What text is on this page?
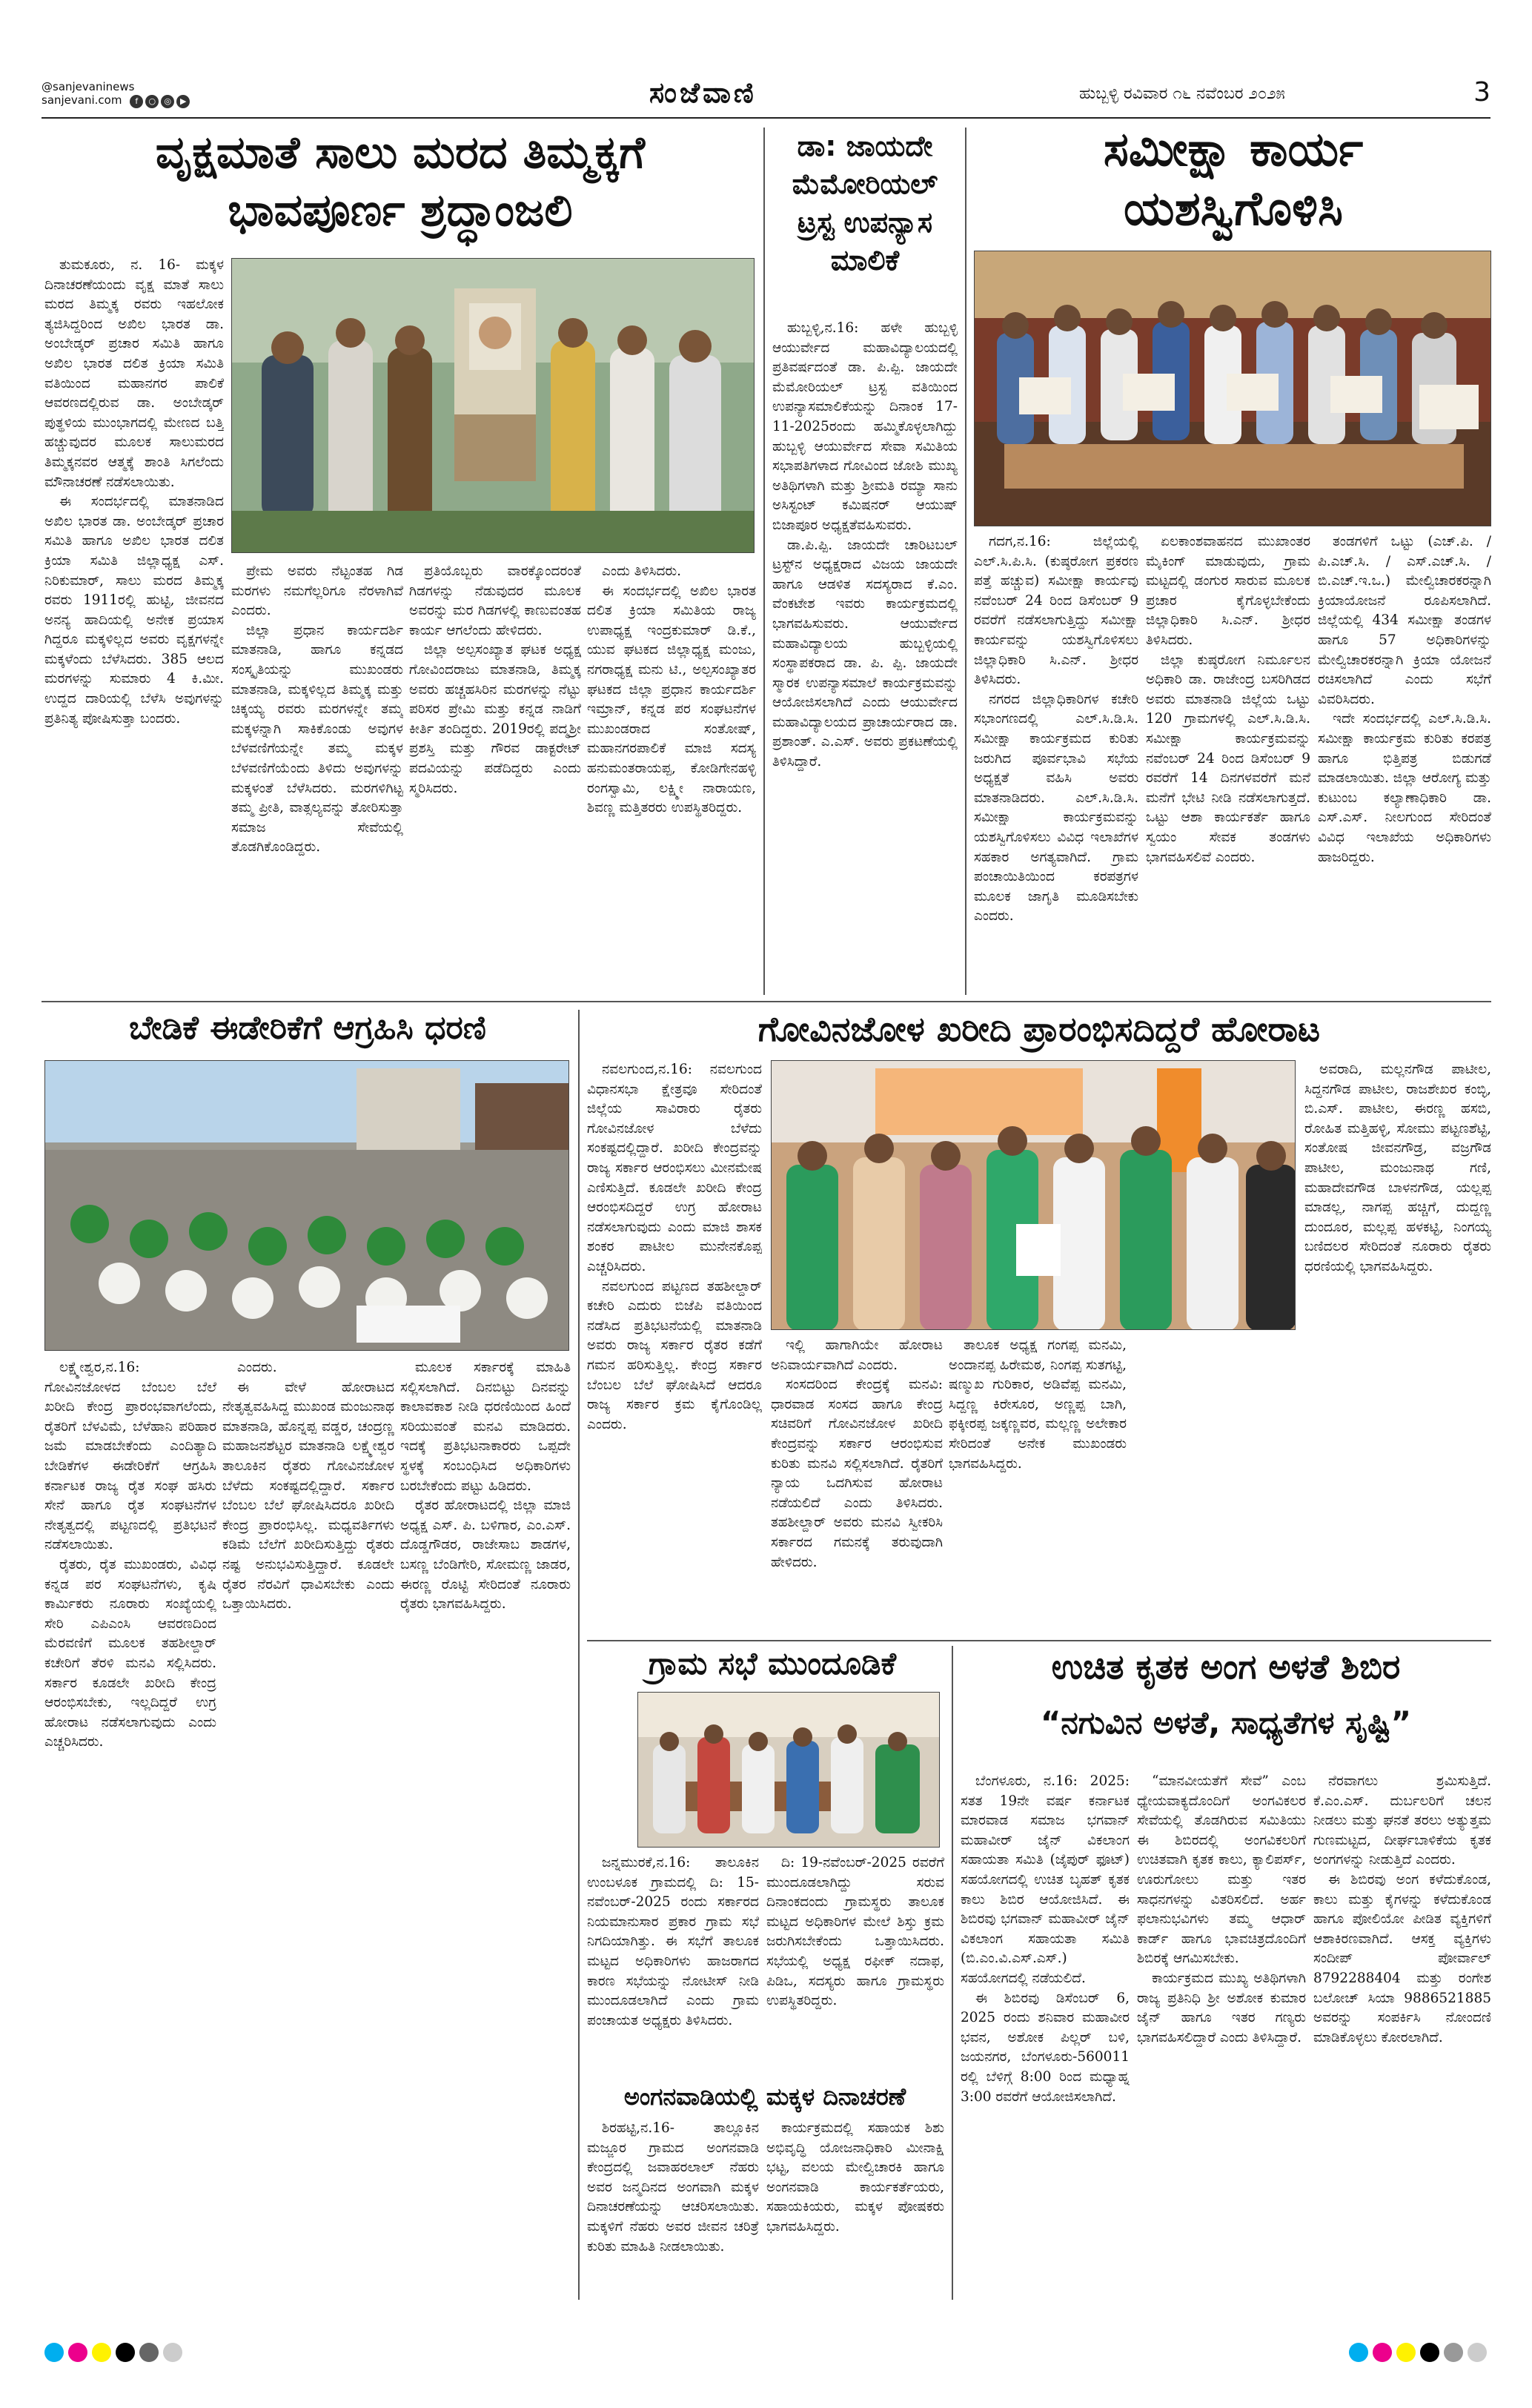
@sanjevaninews
sanjevani.com f ○ ◎ ▶	ಸಂಜೆವಾಣಿ	ಹುಬ್ಬಳ್ಳಿ ರವಿವಾರ ೧೬ ನವೆಂಬರ ೨೦೨೫	3
ವೃಕ್ಷಮಾತೆ ಸಾಲು ಮರದ ತಿಮ್ಮಕ್ಕಗೆ
ಭಾವಪೂರ್ಣ ಶ್ರದ್ಧಾಂಜಲಿ

ತುಮಕೂರು, ನ. 16- ಮಕ್ಕಳ ದಿನಾಚರಣೆಯಂದು ವೃಕ್ಷ ಮಾತೆ ಸಾಲು ಮರದ ತಿಮ್ಮಕ್ಕ ರವರು ಇಹಲೋಕ ತ್ಯಜಿಸಿದ್ದರಿಂದ ಅಖಿಲ ಭಾರತ ಡಾ. ಅಂಬೇಡ್ಕರ್ ಪ್ರಚಾರ ಸಮಿತಿ ಹಾಗೂ ಅಖಿಲ ಭಾರತ ದಲಿತ ಕ್ರಿಯಾ ಸಮಿತಿ ವತಿಯಿಂದ ಮಹಾನಗರ ಪಾಲಿಕೆ ಆವರಣದಲ್ಲಿರುವ ಡಾ. ಅಂಬೇಡ್ಕರ್ ಪುತ್ಥಳಿಯ ಮುಂಭಾಗದಲ್ಲಿ ಮೇಣದ ಬತ್ತಿ ಹಚ್ಚುವುದರ ಮೂಲಕ ಸಾಲುಮರದ ತಿಮ್ಮಕ್ಕನವರ ಆತ್ಮಕ್ಕೆ ಶಾಂತಿ ಸಿಗಲೆಂದು ಮೌನಾಚರಣೆ ನಡೆಸಲಾಯಿತು.

ಈ ಸಂದರ್ಭದಲ್ಲಿ ಮಾತನಾಡಿದ ಅಖಿಲ ಭಾರತ ಡಾ. ಅಂಬೇಡ್ಕರ್ ಪ್ರಚಾರ ಸಮಿತಿ ಹಾಗೂ ಅಖಿಲ ಭಾರತ ದಲಿತ ಕ್ರಿಯಾ ಸಮಿತಿ ಜಿಲ್ಲಾಧ್ಯಕ್ಷ ಎಸ್. ನಿರಿಕುಮಾರ್, ಸಾಲು ಮರದ ತಿಮ್ಮಕ್ಕ ರವರು 1911ರಲ್ಲಿ ಹುಟ್ಟಿ, ಜೀವನದ ಅನನ್ಯ ಹಾದಿಯಲ್ಲಿ ಅನೇಕ ಪ್ರಯಾಸ ಗಿದ್ದರೂ ಮಕ್ಕಳಿಲ್ಲದ ಅವರು ವೃಕ್ಷಗಳನ್ನೇ ಮಕ್ಕಳೆಂದು ಬೆಳೆಸಿದರು. 385 ಆಲದ ಮರಗಳನ್ನು ಸುಮಾರು 4 ಕಿ.ಮೀ. ಉದ್ದದ ದಾರಿಯಲ್ಲಿ ಬೆಳೆಸಿ ಅವುಗಳನ್ನು ಪ್ರತಿನಿತ್ಯ ಪೋಷಿಸುತ್ತಾ ಬಂದರು.

ಪ್ರೇಮ ಅವರು ನೆಟ್ಟಂತಹ ಗಿಡ ಮರಗಳು ನಮಗೆಲ್ಲರಿಗೂ ನೆರಳಾಗಿವೆ ಎಂದರು.

ಜಿಲ್ಲಾ ಪ್ರಧಾನ ಕಾರ್ಯದರ್ಶಿ ಮಾತನಾಡಿ, ಹಾಗೂ ಕನ್ನಡದ ಸಂಸ್ಕೃತಿಯನ್ನು ಮುಖಂಡರು ಮಾತನಾಡಿ, ಮಕ್ಕಳಿಲ್ಲದ ತಿಮ್ಮಕ್ಕ ಮತ್ತು ಚಿಕ್ಕಯ್ಯ ರವರು ಮರಗಳನ್ನೇ ತಮ್ಮ ಮಕ್ಕಳನ್ನಾಗಿ ಸಾಕಿಕೊಂಡು ಅವುಗಳ ಬೆಳವಣಿಗೆಯನ್ನೇ ತಮ್ಮ ಮಕ್ಕಳ ಬೆಳವಣಿಗೆಯೆಂದು ತಿಳಿದು ಅವುಗಳನ್ನು ಮಕ್ಕಳಂತೆ ಬೆಳೆಸಿದರು. ಮರಗಳಿಗಿಟ್ಟ ತಮ್ಮ ಪ್ರೀತಿ, ವಾತ್ಸಲ್ಯವನ್ನು ತೋರಿಸುತ್ತಾ ಸಮಾಜ ಸೇವೆಯಲ್ಲಿ ತೊಡಗಿಕೊಂಡಿದ್ದರು.

ಪ್ರತಿಯೊಬ್ಬರು ವಾರಕ್ಕೊಂದರಂತೆ ಗಿಡಗಳನ್ನು ನೆಡುವುದರ ಮೂಲಕ ಅವರನ್ನು ಮರ ಗಿಡಗಳಲ್ಲಿ ಕಾಣುವಂತಹ ಕಾರ್ಯ ಆಗಲೆಂದು ಹೇಳಿದರು.

ಜಿಲ್ಲಾ ಅಲ್ಪಸಂಖ್ಯಾತ ಘಟಕ ಅಧ್ಯಕ್ಷ ಗೋವಿಂದರಾಜು ಮಾತನಾಡಿ, ತಿಮ್ಮಕ್ಕ ಅವರು ಹಚ್ಚಹಸಿರಿನ ಮರಗಳನ್ನು ನೆಟ್ಟು ಪರಿಸರ ಪ್ರೇಮಿ ಮತ್ತು ಕನ್ನಡ ನಾಡಿಗೆ ಕೀರ್ತಿ ತಂದಿದ್ದರು. 2019ರಲ್ಲಿ ಪದ್ಮಶ್ರೀ ಪ್ರಶಸ್ತಿ ಮತ್ತು ಗೌರವ ಡಾಕ್ಟರೇಟ್ ಪದವಿಯನ್ನು ಪಡೆದಿದ್ದರು ಎಂದು ಸ್ಮರಿಸಿದರು.

ಎಂದು ತಿಳಿಸಿದರು.

ಈ ಸಂದರ್ಭದಲ್ಲಿ ಅಖಿಲ ಭಾರತ ದಲಿತ ಕ್ರಿಯಾ ಸಮಿತಿಯ ರಾಜ್ಯ ಉಪಾಧ್ಯಕ್ಷ ಇಂದ್ರಕುಮಾರ್ ಡಿ.ಕೆ., ಯುವ ಘಟಕದ ಜಿಲ್ಲಾಧ್ಯಕ್ಷ ಮಂಜು, ನಗರಾಧ್ಯಕ್ಷ ಮನು ಟಿ., ಅಲ್ಪಸಂಖ್ಯಾತರ ಘಟಕದ ಜಿಲ್ಲಾ ಪ್ರಧಾನ ಕಾರ್ಯದರ್ಶಿ ಇಮ್ರಾನ್, ಕನ್ನಡ ಪರ ಸಂಘಟನೆಗಳ ಮುಖಂಡರಾದ ಸಂತೋಷ್, ಮಹಾನಗರಪಾಲಿಕೆ ಮಾಜಿ ಸದಸ್ಯ ಹನುಮಂತರಾಯಪ್ಪ, ಕೋಡಿಗೇನಹಳ್ಳಿ ರಂಗಸ್ವಾಮಿ, ಲಕ್ಷ್ಮೀ ನಾರಾಯಣ, ಶಿವಣ್ಣ ಮತ್ತಿತರರು ಉಪಸ್ಥಿತರಿದ್ದರು.

ಡಾ: ಜಾಯದೇ ಮೆಮೋರಿಯಲ್ ಟ್ರಸ್ಟ ಉಪನ್ಯಾಸ ಮಾಲಿಕೆ

ಹುಬ್ಬಳ್ಳಿ,ನ.16: ಹಳೇ ಹುಬ್ಬಳ್ಳಿ ಆಯುರ್ವೇದ ಮಹಾವಿದ್ಯಾಲಯದಲ್ಲಿ ಪ್ರತಿವರ್ಷದಂತೆ ಡಾ. ಪಿ.ಪ್ಪಿ. ಜಾಯದೇ ಮೆಮೋರಿಯಲ್ ಟ್ರಸ್ಟ ವತಿಯಿಂದ ಉಪನ್ಯಾಸಮಾಲಿಕೆಯನ್ನು ದಿನಾಂಕ 17-11-2025ರಂದು ಹಮ್ಮಿಕೊಳ್ಳಲಾಗಿದ್ದು ಹುಬ್ಬಳ್ಳಿ ಆಯುರ್ವೇದ ಸೇವಾ ಸಮಿತಿಯ ಸಭಾಪತಿಗಳಾದ ಗೋವಿಂದ ಜೋಶಿ ಮುಖ್ಯ ಅತಿಥಿಗಳಾಗಿ ಮತ್ತು ಶ್ರೀಮತಿ ರಮ್ಯಾ ಸಾನು ಅಸಿಸ್ಟಂಟ್ ಕಮಿಷನರ್ ಆಯುಷ್ ಬಿಜಾಪೂರ ಅಧ್ಯಕ್ಷತೆವಹಿಸುವರು.

ಡಾ.ಪಿ.ಪ್ಪಿ. ಜಾಯದೇ ಚಾರಿಟಬಲ್ ಟ್ರಸ್ಟ್‌ನ ಅಧ್ಯಕ್ಷರಾದ ವಿಜಯ ಜಾಯದೇ ಹಾಗೂ ಆಡಳಿತ ಸದಸ್ಯರಾದ ಕೆ.ಎಂ. ವೆಂಕಟೇಶ ಇವರು ಕಾರ್ಯಕ್ರಮದಲ್ಲಿ ಭಾಗವಹಿಸುವರು. ಆಯುರ್ವೇದ ಮಹಾವಿದ್ಯಾಲಯ ಹುಬ್ಬಳ್ಳಿಯಲ್ಲಿ ಸಂಸ್ಥಾಪಕರಾದ ಡಾ. ಪಿ. ಪ್ಪಿ. ಜಾಯದೇ ಸ್ಮಾರಕ ಉಪನ್ಯಾಸಮಾಲೆ ಕಾರ್ಯಕ್ರಮವನ್ನು ಆಯೋಜಿಸಲಾಗಿದೆ ಎಂದು ಆಯುರ್ವೇದ ಮಹಾವಿದ್ಯಾಲಯದ ಪ್ರಾಚಾರ್ಯರಾದ ಡಾ. ಪ್ರಶಾಂತ್. ಎ.ಎಸ್. ಅವರು ಪ್ರಕಟಣೆಯಲ್ಲಿ ತಿಳಿಸಿದ್ದಾರೆ.

ಸಮೀಕ್ಷಾ ಕಾರ್ಯ
ಯಶಸ್ವಿಗೊಳಿಸಿ

ಗದಗ,ನ.16: ಜಿಲ್ಲೆಯಲ್ಲಿ ಎಲ್.ಸಿ.ಪಿ.ಸಿ. (ಕುಷ್ಠರೋಗ ಪ್ರಕರಣ ಪತ್ತೆ ಹಚ್ಚುವ) ಸಮೀಕ್ಷಾ ಕಾರ್ಯವು ನವೆಂಬರ್ 24 ರಿಂದ ಡಿಸೆಂಬರ್ 9 ರವರೆಗೆ ನಡೆಸಲಾಗುತ್ತಿದ್ದು ಸಮೀಕ್ಷಾ ಕಾರ್ಯವನ್ನು ಯಶಸ್ವಿಗೊಳಿಸಲು ಜಿಲ್ಲಾಧಿಕಾರಿ ಸಿ.ಎನ್. ಶ್ರೀಧರ ತಿಳಿಸಿದರು.

ನಗರದ ಜಿಲ್ಲಾಧಿಕಾರಿಗಳ ಕಚೇರಿ ಸಭಾಂಗಣದಲ್ಲಿ ಎಲ್.ಸಿ.ಡಿ.ಸಿ. ಸಮೀಕ್ಷಾ ಕಾರ್ಯಕ್ರಮದ ಕುರಿತು ಜರುಗಿದ ಪೂರ್ವಭಾವಿ ಸಭೆಯ ಅಧ್ಯಕ್ಷತೆ ವಹಿಸಿ ಅವರು ಮಾತನಾಡಿದರು. ಎಲ್.ಸಿ.ಡಿ.ಸಿ. ಸಮೀಕ್ಷಾ ಕಾರ್ಯಕ್ರಮವನ್ನು ಯಶಸ್ವಿಗೊಳಿಸಲು ವಿವಿಧ ಇಲಾಖೆಗಳ ಸಹಕಾರ ಅಗತ್ಯವಾಗಿದೆ. ಗ್ರಾಮ ಪಂಚಾಯಿತಿಯಿಂದ ಕರಪತ್ರಗಳ ಮೂಲಕ ಜಾಗೃತಿ ಮೂಡಿಸಬೇಕು ಎಂದರು.

ಏಲಕಾಂಶವಾಹನದ ಮುಖಾಂತರ ಮೈಕಿಂಗ್ ಮಾಡುವುದು, ಗ್ರಾಮ ಮಟ್ಟದಲ್ಲಿ ಡಂಗುರ ಸಾರುವ ಮೂಲಕ ಪ್ರಚಾರ ಕೈಗೊಳ್ಳಬೇಕೆಂದು ಜಿಲ್ಲಾಧಿಕಾರಿ ಸಿ.ಎನ್. ಶ್ರೀಧರ ತಿಳಿಸಿದರು.

ಜಿಲ್ಲಾ ಕುಷ್ಠರೋಗ ನಿರ್ಮೂಲನ ಅಧಿಕಾರಿ ಡಾ. ರಾಜೇಂದ್ರ ಬಸರಿಗಿಡದ ಅವರು ಮಾತನಾಡಿ ಜಿಲ್ಲೆಯ ಒಟ್ಟು 120 ಗ್ರಾಮಗಳಲ್ಲಿ ಎಲ್.ಸಿ.ಡಿ.ಸಿ. ಸಮೀಕ್ಷಾ ಕಾರ್ಯಕ್ರಮವನ್ನು ನವೆಂಬರ್ 24 ರಿಂದ ಡಿಸೆಂಬರ್ 9 ರವರೆಗೆ 14 ದಿನಗಳವರೆಗೆ ಮನೆ ಮನೆಗೆ ಭೇಟಿ ನೀಡಿ ನಡೆಸಲಾಗುತ್ತದೆ. ಒಟ್ಟು ಆಶಾ ಕಾರ್ಯಕರ್ತೆ ಹಾಗೂ ಸ್ವಯಂ ಸೇವಕ ತಂಡಗಳು ಭಾಗವಹಿಸಲಿವೆ ಎಂದರು.

ತಂಡಗಳಿಗೆ ಒಟ್ಟು (ಎಚ್.ಪಿ. / ಪಿ.ಎಚ್.ಸಿ. / ಎಸ್.ಎಚ್.ಸಿ. / ಬಿ.ಎಚ್.ಇ.ಒ.) ಮೇಲ್ವಿಚಾರಕರನ್ನಾಗಿ ಕ್ರಿಯಾಯೋಜನೆ ರೂಪಿಸಲಾಗಿದೆ. ಜಿಲ್ಲೆಯಲ್ಲಿ 434 ಸಮೀಕ್ಷಾ ತಂಡಗಳ ಹಾಗೂ 57 ಅಧಿಕಾರಿಗಳನ್ನು ಮೇಲ್ವಿಚಾರಕರನ್ನಾಗಿ ಕ್ರಿಯಾ ಯೋಜನೆ ರಚಿಸಲಾಗಿದೆ ಎಂದು ಸಭೆಗೆ ವಿವರಿಸಿದರು.

ಇದೇ ಸಂದರ್ಭದಲ್ಲಿ ಎಲ್.ಸಿ.ಡಿ.ಸಿ. ಸಮೀಕ್ಷಾ ಕಾರ್ಯಕ್ರಮ ಕುರಿತು ಕರಪತ್ರ ಹಾಗೂ ಭಿತ್ತಿಪತ್ರ ಬಿಡುಗಡೆ ಮಾಡಲಾಯಿತು. ಜಿಲ್ಲಾ ಆರೋಗ್ಯ ಮತ್ತು ಕುಟುಂಬ ಕಲ್ಯಾಣಾಧಿಕಾರಿ ಡಾ. ಎಸ್.ಎಸ್. ನೀಲಗುಂದ ಸೇರಿದಂತೆ ವಿವಿಧ ಇಲಾಖೆಯ ಅಧಿಕಾರಿಗಳು ಹಾಜರಿದ್ದರು.

ಬೇಡಿಕೆ ಈಡೇರಿಕೆಗೆ ಆಗ್ರಹಿಸಿ ಧರಣಿ

ಲಕ್ಷ್ಮೇಶ್ವರ,ನ.16: ಗೋವಿನಜೋಳದ ಬೆಂಬಲ ಬೆಲೆ ಖರೀದಿ ಕೇಂದ್ರ ಪ್ರಾರಂಭವಾಗಲೆಂದು, ರೈತರಿಗೆ ಬೆಳವಿಮೆ, ಬೆಳೆಹಾನಿ ಪರಿಹಾರ ಜಮೆ ಮಾಡಬೇಕೆಂದು ಎಂದಿತ್ಯಾದಿ ಬೇಡಿಕೆಗಳ ಈಡೇರಿಕೆಗೆ ಆಗ್ರಹಿಸಿ ಕರ್ನಾಟಕ ರಾಜ್ಯ ರೈತ ಸಂಘ ಹಸಿರು ಸೇನೆ ಹಾಗೂ ರೈತ ಸಂಘಟನೆಗಳ ನೇತೃತ್ವದಲ್ಲಿ ಪಟ್ಟಣದಲ್ಲಿ ಪ್ರತಿಭಟನೆ ನಡೆಸಲಾಯಿತು.

ರೈತರು, ರೈತ ಮುಖಂಡರು, ವಿವಿಧ ಕನ್ನಡ ಪರ ಸಂಘಟನೆಗಳು, ಕೃಷಿ ಕಾರ್ಮಿಕರು ನೂರಾರು ಸಂಖ್ಯೆಯಲ್ಲಿ ಸೇರಿ ಎಪಿಎಂಸಿ ಆವರಣದಿಂದ ಮೆರವಣಿಗೆ ಮೂಲಕ ತಹಶೀಲ್ದಾರ್ ಕಚೇರಿಗೆ ತೆರಳಿ ಮನವಿ ಸಲ್ಲಿಸಿದರು. ಸರ್ಕಾರ ಕೂಡಲೇ ಖರೀದಿ ಕೇಂದ್ರ ಆರಂಭಿಸಬೇಕು, ಇಲ್ಲದಿದ್ದರೆ ಉಗ್ರ ಹೋರಾಟ ನಡೆಸಲಾಗುವುದು ಎಂದು ಎಚ್ಚರಿಸಿದರು.

ಎಂದರು.

ಈ ವೇಳೆ ಹೋರಾಟದ ನೇತೃತ್ವವಹಿಸಿದ್ದ ಮುಖಂಡ ಮಂಜುನಾಥ ಮಾತನಾಡಿ, ಹೊನ್ನಪ್ಪ ವಡ್ಡರ, ಚಂದ್ರಣ್ಣ ಮಹಾಜನಶೆಟ್ಟರ ಮಾತನಾಡಿ ಲಕ್ಷ್ಮೇಶ್ವರ ತಾಲೂಕಿನ ರೈತರು ಗೋವಿನಜೋಳ ಬೆಳೆದು ಸಂಕಷ್ಟದಲ್ಲಿದ್ದಾರೆ. ಸರ್ಕಾರ ಬೆಂಬಲ ಬೆಲೆ ಘೋಷಿಸಿದರೂ ಖರೀದಿ ಕೇಂದ್ರ ಪ್ರಾರಂಭಿಸಿಲ್ಲ. ಮಧ್ಯವರ್ತಿಗಳು ಕಡಿಮೆ ಬೆಲೆಗೆ ಖರೀದಿಸುತ್ತಿದ್ದು ರೈತರು ನಷ್ಟ ಅನುಭವಿಸುತ್ತಿದ್ದಾರೆ. ಕೂಡಲೇ ರೈತರ ನೆರವಿಗೆ ಧಾವಿಸಬೇಕು ಎಂದು ಒತ್ತಾಯಿಸಿದರು.

ಮೂಲಕ ಸರ್ಕಾರಕ್ಕೆ ಮಾಹಿತಿ ಸಲ್ಲಿಸಲಾಗಿದೆ. ದಿನಬಿಟ್ಟು ದಿನವನ್ನು ಕಾಲಾವಕಾಶ ನೀಡಿ ಧರಣಿಯಿಂದ ಹಿಂದೆ ಸರಿಯುವಂತೆ ಮನವಿ ಮಾಡಿದರು. ಇದಕ್ಕೆ ಪ್ರತಿಭಟನಾಕಾರರು ಒಪ್ಪದೇ ಸ್ಥಳಕ್ಕೆ ಸಂಬಂಧಿಸಿದ ಅಧಿಕಾರಿಗಳು ಬರಬೇಕೆಂದು ಪಟ್ಟು ಹಿಡಿದರು.

ರೈತರ ಹೋರಾಟದಲ್ಲಿ ಜಿಲ್ಲಾ ಮಾಜಿ ಅಧ್ಯಕ್ಷ ಎಸ್. ಪಿ. ಬಳಿಗಾರ, ಎಂ.ಎಸ್. ದೊಡ್ಡಗೌಡರ, ರಾಜೇಸಾಬ ಶಾಡಗಳ, ಬಸಣ್ಣ ಬೆಂಡಿಗೇರಿ, ಸೋಮಣ್ಣ ಜಾಡರ, ಈರಣ್ಣ ರೊಟ್ಟಿ ಸೇರಿದಂತೆ ನೂರಾರು ರೈತರು ಭಾಗವಹಿಸಿದ್ದರು.

ಗೋವಿನಜೋಳ ಖರೀದಿ ಪ್ರಾರಂಭಿಸದಿದ್ದರೆ ಹೋರಾಟ

ನವಲಗುಂದ,ನ.16: ನವಲಗುಂದ ವಿಧಾನಸಭಾ ಕ್ಷೇತ್ರವೂ ಸೇರಿದಂತೆ ಜಿಲ್ಲೆಯ ಸಾವಿರಾರು ರೈತರು ಗೋವಿನಜೋಳ ಬೆಳೆದು ಸಂಕಷ್ಟದಲ್ಲಿದ್ದಾರೆ. ಖರೀದಿ ಕೇಂದ್ರವನ್ನು ರಾಜ್ಯ ಸರ್ಕಾರ ಆರಂಭಿಸಲು ಮೀನಮೇಷ ಎಣಿಸುತ್ತಿದೆ. ಕೂಡಲೇ ಖರೀದಿ ಕೇಂದ್ರ ಆರಂಭಿಸದಿದ್ದರೆ ಉಗ್ರ ಹೋರಾಟ ನಡೆಸಲಾಗುವುದು ಎಂದು ಮಾಜಿ ಶಾಸಕ ಶಂಕರ ಪಾಟೀಲ ಮುನೇನಕೊಪ್ಪ ಎಚ್ಚರಿಸಿದರು.

ನವಲಗುಂದ ಪಟ್ಟಣದ ತಹಶೀಲ್ದಾರ್ ಕಚೇರಿ ಎದುರು ಬಿಜೆಪಿ ವತಿಯಿಂದ ನಡೆಸಿದ ಪ್ರತಿಭಟನೆಯಲ್ಲಿ ಮಾತನಾಡಿ ಅವರು ರಾಜ್ಯ ಸರ್ಕಾರ ರೈತರ ಕಡೆಗೆ ಗಮನ ಹರಿಸುತ್ತಿಲ್ಲ. ಕೇಂದ್ರ ಸರ್ಕಾರ ಬೆಂಬಲ ಬೆಲೆ ಘೋಷಿಸಿದೆ ಆದರೂ ರಾಜ್ಯ ಸರ್ಕಾರ ಕ್ರಮ ಕೈಗೊಂಡಿಲ್ಲ ಎಂದರು.

ಇಲ್ಲಿ ಹಾಗಾಗಿಯೇ ಹೋರಾಟ ಅನಿವಾರ್ಯವಾಗಿದೆ ಎಂದರು.

ಸಂಸದರಿಂದ ಕೇಂದ್ರಕ್ಕೆ ಮನವಿ: ಧಾರವಾಡ ಸಂಸದ ಹಾಗೂ ಕೇಂದ್ರ ಸಚಿವರಿಗೆ ಗೋವಿನಜೋಳ ಖರೀದಿ ಕೇಂದ್ರವನ್ನು ಸರ್ಕಾರ ಆರಂಭಿಸುವ ಕುರಿತು ಮನವಿ ಸಲ್ಲಿಸಲಾಗಿದೆ. ರೈತರಿಗೆ ನ್ಯಾಯ ಒದಗಿಸುವ ಹೋರಾಟ ನಡೆಯಲಿದೆ ಎಂದು ತಿಳಿಸಿದರು. ತಹಶೀಲ್ದಾರ್ ಅವರು ಮನವಿ ಸ್ವೀಕರಿಸಿ ಸರ್ಕಾರದ ಗಮನಕ್ಕೆ ತರುವುದಾಗಿ ಹೇಳಿದರು.

ತಾಲೂಕ ಅಧ್ಯಕ್ಷ ಗಂಗಪ್ಪ ಮನಮಿ, ಅಂದಾನಪ್ಪ ಹಿರೇಮಠ, ನಿಂಗಪ್ಪ ಸುತಗಟ್ಟಿ, ಷಣ್ಮುಖ ಗುರಿಕಾರ, ಅಡಿವೆಪ್ಪ ಮನಮಿ, ಸಿದ್ದಣ್ಣ ಕಿರೇಸೂರ, ಅಣ್ಣಪ್ಪ ಬಾಗಿ, ಫಕ್ಕೀರಪ್ಪ ಜಕ್ಕಣ್ಣವರ, ಮಲ್ಲಣ್ಣ ಅಲೇಕಾರ ಸೇರಿದಂತೆ ಅನೇಕ ಮುಖಂಡರು ಭಾಗವಹಿಸಿದ್ದರು.

ಅವರಾದಿ, ಮಲ್ಲನಗೌಡ ಪಾಟೀಲ, ಸಿದ್ದನಗೌಡ ಪಾಟೀಲ, ರಾಜಶೇಖರ ಕಂಬ್ಳಿ, ಬಿ.ಎಸ್. ಪಾಟೀಲ, ಈರಣ್ಣ ಹಸಬಿ, ರೋಹಿತ ಮತ್ತಿಹಳ್ಳಿ, ಸೋಮು ಪಟ್ಟಣಶೆಟ್ಟಿ, ಸಂತೋಷ ಜೀವನಗೌಡ್ರ, ವಜ್ರಗೌಡ ಪಾಟೀಲ, ಮಂಜುನಾಥ ಗಣಿ, ಮಹಾದೇವಗೌಡ ಬಾಳನಗೌಡ, ಯಲ್ಲಪ್ಪ ಮಾಡಲ್ಲ, ನಾಗಪ್ಪ ಹಚ್ಚಿಗೆ, ದುದ್ದಣ್ಣ ದುಂದೂರ, ಮಲ್ಲಪ್ಪ ಹಳಕಟ್ಟಿ, ನಿಂಗಯ್ಯ ಬಣಿದಲರ ಸೇರಿದಂತೆ ನೂರಾರು ರೈತರು ಧರಣಿಯಲ್ಲಿ ಭಾಗವಹಿಸಿದ್ದರು.

ಗ್ರಾಮ ಸಭೆ ಮುಂದೂಡಿಕೆ

ಜನ್ನಮುರಕೆ,ನ.16: ತಾಲೂಕಿನ ಉಂಬಳೂಕ ಗ್ರಾಮದಲ್ಲಿ ದಿ: 15-ನವೆಂಬರ್-2025 ರಂದು ಸರ್ಕಾರದ ನಿಯಮಾನುಸಾರ ಪ್ರಕಾರ ಗ್ರಾಮ ಸಭೆ ನಿಗದಿಯಾಗಿತ್ತು. ಈ ಸಭೆಗೆ ತಾಲೂಕ ಮಟ್ಟದ ಅಧಿಕಾರಿಗಳು ಹಾಜರಾಗದ ಕಾರಣ ಸಭೆಯನ್ನು ನೋಟೀಸ್ ನೀಡಿ ಮುಂದೂಡಲಾಗಿದೆ ಎಂದು ಗ್ರಾಮ ಪಂಚಾಯತ ಅಧ್ಯಕ್ಷರು ತಿಳಿಸಿದರು.

ದಿ: 19-ನವೆಂಬರ್-2025 ರವರೆಗೆ ಮುಂದೂಡಲಾಗಿದ್ದು ಸರುವ ದಿನಾಂಕದಂದು ಗ್ರಾಮಸ್ಥರು ತಾಲೂಕ ಮಟ್ಟದ ಅಧಿಕಾರಿಗಳ ಮೇಲೆ ಶಿಸ್ತು ಕ್ರಮ ಜರುಗಿಸಬೇಕೆಂದು ಒತ್ತಾಯಿಸಿದರು. ಸಭೆಯಲ್ಲಿ ಅಧ್ಯಕ್ಷ ರಫೀಕ್ ನದಾಫ, ಪಿಡಿಒ, ಸದಸ್ಯರು ಹಾಗೂ ಗ್ರಾಮಸ್ಥರು ಉಪಸ್ಥಿತರಿದ್ದರು.

ಅಂಗನವಾಡಿಯಲ್ಲಿ ಮಕ್ಕಳ ದಿನಾಚರಣೆ

ಶಿರಹಟ್ಟಿ,ನ.16- ತಾಲ್ಲೂಕಿನ ಮಜ್ಜೂರ ಗ್ರಾಮದ ಅಂಗನವಾಡಿ ಕೇಂದ್ರದಲ್ಲಿ ಜವಾಹರಲಾಲ್ ನೆಹರು ಅವರ ಜನ್ಮದಿನದ ಅಂಗವಾಗಿ ಮಕ್ಕಳ ದಿನಾಚರಣೆಯನ್ನು ಆಚರಿಸಲಾಯಿತು. ಮಕ್ಕಳಿಗೆ ನೆಹರು ಅವರ ಜೀವನ ಚರಿತ್ರೆ ಕುರಿತು ಮಾಹಿತಿ ನೀಡಲಾಯಿತು.

ಕಾರ್ಯಕ್ರಮದಲ್ಲಿ ಸಹಾಯಕ ಶಿಶು ಅಭಿವೃದ್ಧಿ ಯೋಜನಾಧಿಕಾರಿ ಮೀನಾಕ್ಷಿ ಭಟ್ಟ, ವಲಯ ಮೇಲ್ವಿಚಾರಕಿ ಹಾಗೂ ಅಂಗನವಾಡಿ ಕಾರ್ಯಕರ್ತೆಯರು, ಸಹಾಯಕಿಯರು, ಮಕ್ಕಳ ಪೋಷಕರು ಭಾಗವಹಿಸಿದ್ದರು.

ಉಚಿತ ಕೃತಕ ಅಂಗ ಅಳತೆ ಶಿಬಿರ
“ನಗುವಿನ ಅಳತೆ, ಸಾಧ್ಯತೆಗಳ ಸೃಷ್ಟಿ”

ಬೆಂಗಳೂರು, ನ.16: 2025: ಸತತ 19ನೇ ವರ್ಷ ಕರ್ನಾಟಕ ಮಾರವಾಡ ಸಮಾಜ ಭಗವಾನ್ ಮಹಾವೀರ್ ಜೈನ್ ವಿಕಲಾಂಗ ಸಹಾಯತಾ ಸಮಿತಿ (ಜೈಪುರ್ ಫೂಟ್) ಸಹಯೋಗದಲ್ಲಿ ಉಚಿತ ಬೃಹತ್ ಕೃತಕ ಕಾಲು ಶಿಬಿರ ಆಯೋಜಿಸಿದೆ. ಈ ಶಿಬಿರವು ಭಗವಾನ್ ಮಹಾವೀರ್ ಜೈನ್ ವಿಕಲಾಂಗ ಸಹಾಯತಾ ಸಮಿತಿ (ಬಿ.ಎಂ.ವಿ.ಎಸ್.ಎಸ್.) ಸಹಯೋಗದಲ್ಲಿ ನಡೆಯಲಿದೆ.

ಈ ಶಿಬಿರವು ಡಿಸೆಂಬರ್ 6, 2025 ರಂದು ಶನಿವಾರ ಮಹಾವೀರ ಭವನ, ಅಶೋಕ ಪಿಲ್ಲರ್ ಬಳಿ, ಜಯನಗರ, ಬೆಂಗಳೂರು-560011 ರಲ್ಲಿ ಬೆಳಿಗ್ಗೆ 8:00 ರಿಂದ ಮಧ್ಯಾಹ್ನ 3:00 ರವರೆಗೆ ಆಯೋಜಿಸಲಾಗಿದೆ.

“ಮಾನವೀಯತೆಗೆ ಸೇವೆ” ಎಂಬ ಧ್ಯೇಯವಾಕ್ಯದೊಂದಿಗೆ ಅಂಗವಿಕಲರ ಸೇವೆಯಲ್ಲಿ ತೊಡಗಿರುವ ಸಮಿತಿಯು ಈ ಶಿಬಿರದಲ್ಲಿ ಅಂಗವಿಕಲರಿಗೆ ಉಚಿತವಾಗಿ ಕೃತಕ ಕಾಲು, ಕ್ಯಾಲಿಪರ್ಸ್, ಊರುಗೋಲು ಮತ್ತು ಇತರ ಸಾಧನಗಳನ್ನು ವಿತರಿಸಲಿದೆ. ಅರ್ಹ ಫಲಾನುಭವಿಗಳು ತಮ್ಮ ಆಧಾರ್ ಕಾರ್ಡ್ ಹಾಗೂ ಭಾವಚಿತ್ರದೊಂದಿಗೆ ಶಿಬಿರಕ್ಕೆ ಆಗಮಿಸಬೇಕು.

ಕಾರ್ಯಕ್ರಮದ ಮುಖ್ಯ ಅತಿಥಿಗಳಾಗಿ ರಾಜ್ಯ ಪ್ರತಿನಿಧಿ ಶ್ರೀ ಅಶೋಕ ಕುಮಾರ ಜೈನ್ ಹಾಗೂ ಇತರ ಗಣ್ಯರು ಭಾಗವಹಿಸಲಿದ್ದಾರೆ ಎಂದು ತಿಳಿಸಿದ್ದಾರೆ.

ನೆರವಾಗಲು ಶ್ರಮಿಸುತ್ತಿದೆ. ಕೆ.ಎಂ.ಎಸ್. ದುರ್ಬಲರಿಗೆ ಚಲನ ನೀಡಲು ಮತ್ತು ಘನತೆ ತರಲು ಅತ್ಯುತ್ತಮ ಗುಣಮಟ್ಟದ, ದೀರ್ಘಬಾಳಿಕೆಯ ಕೃತಕ ಅಂಗಗಳನ್ನು ನೀಡುತ್ತಿದೆ ಎಂದರು.

ಈ ಶಿಬಿರವು ಅಂಗ ಕಳೆದುಕೊಂಡ, ಕಾಲು ಮತ್ತು ಕೈಗಳನ್ನು ಕಳೆದುಕೊಂಡ ಹಾಗೂ ಪೋಲಿಯೋ ಪೀಡಿತ ವ್ಯಕ್ತಿಗಳಿಗೆ ಆಶಾಕಿರಣವಾಗಿದೆ. ಆಸಕ್ತ ವ್ಯಕ್ತಿಗಳು ಸಂದೀಪ್ ಪೋರ್ವಾಲ್ 8792288404 ಮತ್ತು ರಂಗೇಶ ಬಲೋಚ್ ಸಿಯಾ 9886521885 ಅವರನ್ನು ಸಂಪರ್ಕಿಸಿ ನೋಂದಣಿ ಮಾಡಿಕೊಳ್ಳಲು ಕೋರಲಾಗಿದೆ.
